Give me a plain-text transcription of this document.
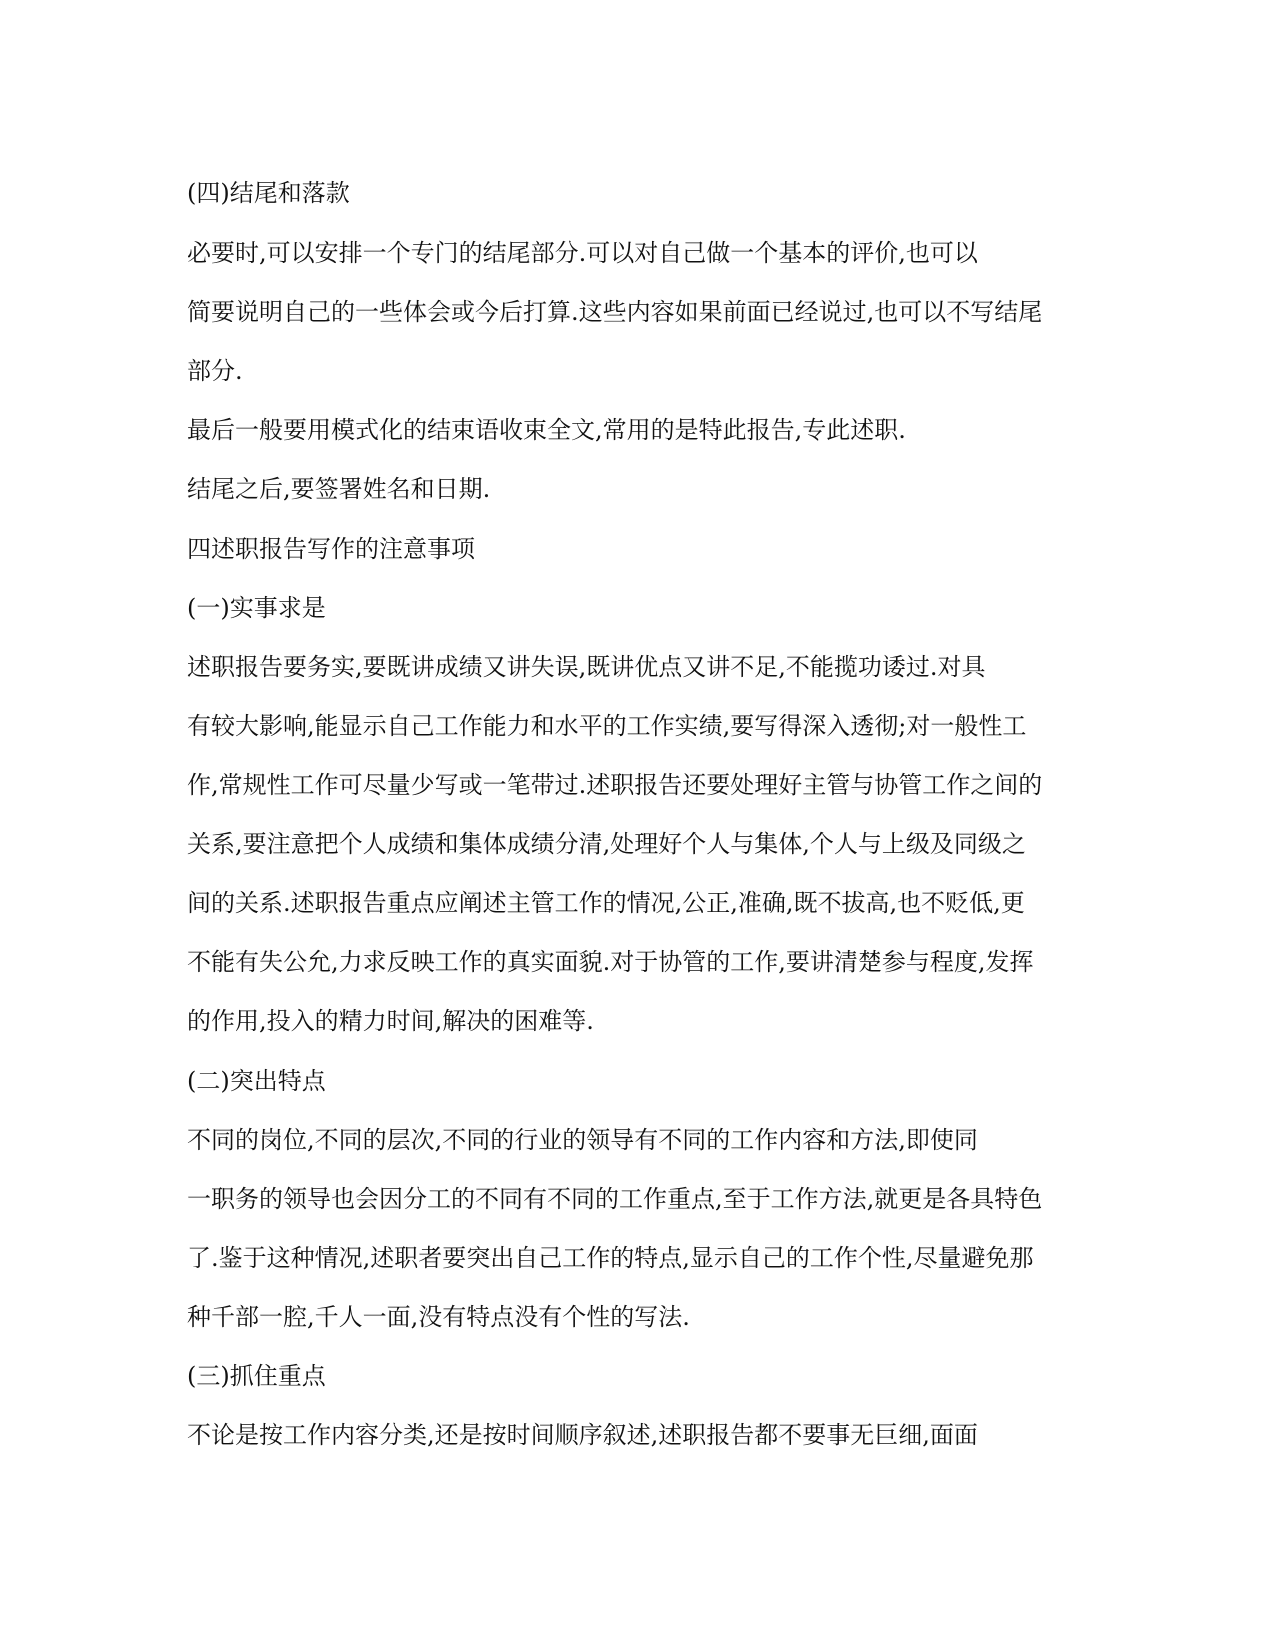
(四)结尾和落款
必要时,可以安排一个专门的结尾部分.可以对自己做一个基本的评价,也可以
简要说明自己的一些体会或今后打算.这些内容如果前面已经说过,也可以不写结尾
部分.
最后一般要用模式化的结束语收束全文,常用的是特此报告,专此述职.
结尾之后,要签署姓名和日期.
四述职报告写作的注意事项
(一)实事求是
述职报告要务实,要既讲成绩又讲失误,既讲优点又讲不足,不能揽功诿过.对具
有较大影响,能显示自己工作能力和水平的工作实绩,要写得深入透彻;对一般性工
作,常规性工作可尽量少写或一笔带过.述职报告还要处理好主管与协管工作之间的
关系,要注意把个人成绩和集体成绩分清,处理好个人与集体,个人与上级及同级之
间的关系.述职报告重点应阐述主管工作的情况,公正,准确,既不拔高,也不贬低,更
不能有失公允,力求反映工作的真实面貌.对于协管的工作,要讲清楚参与程度,发挥
的作用,投入的精力时间,解决的困难等.
(二)突出特点
不同的岗位,不同的层次,不同的行业的领导有不同的工作内容和方法,即使同
一职务的领导也会因分工的不同有不同的工作重点,至于工作方法,就更是各具特色
了.鉴于这种情况,述职者要突出自己工作的特点,显示自己的工作个性,尽量避免那
种千部一腔,千人一面,没有特点没有个性的写法.
(三)抓住重点
不论是按工作内容分类,还是按时间顺序叙述,述职报告都不要事无巨细,面面
